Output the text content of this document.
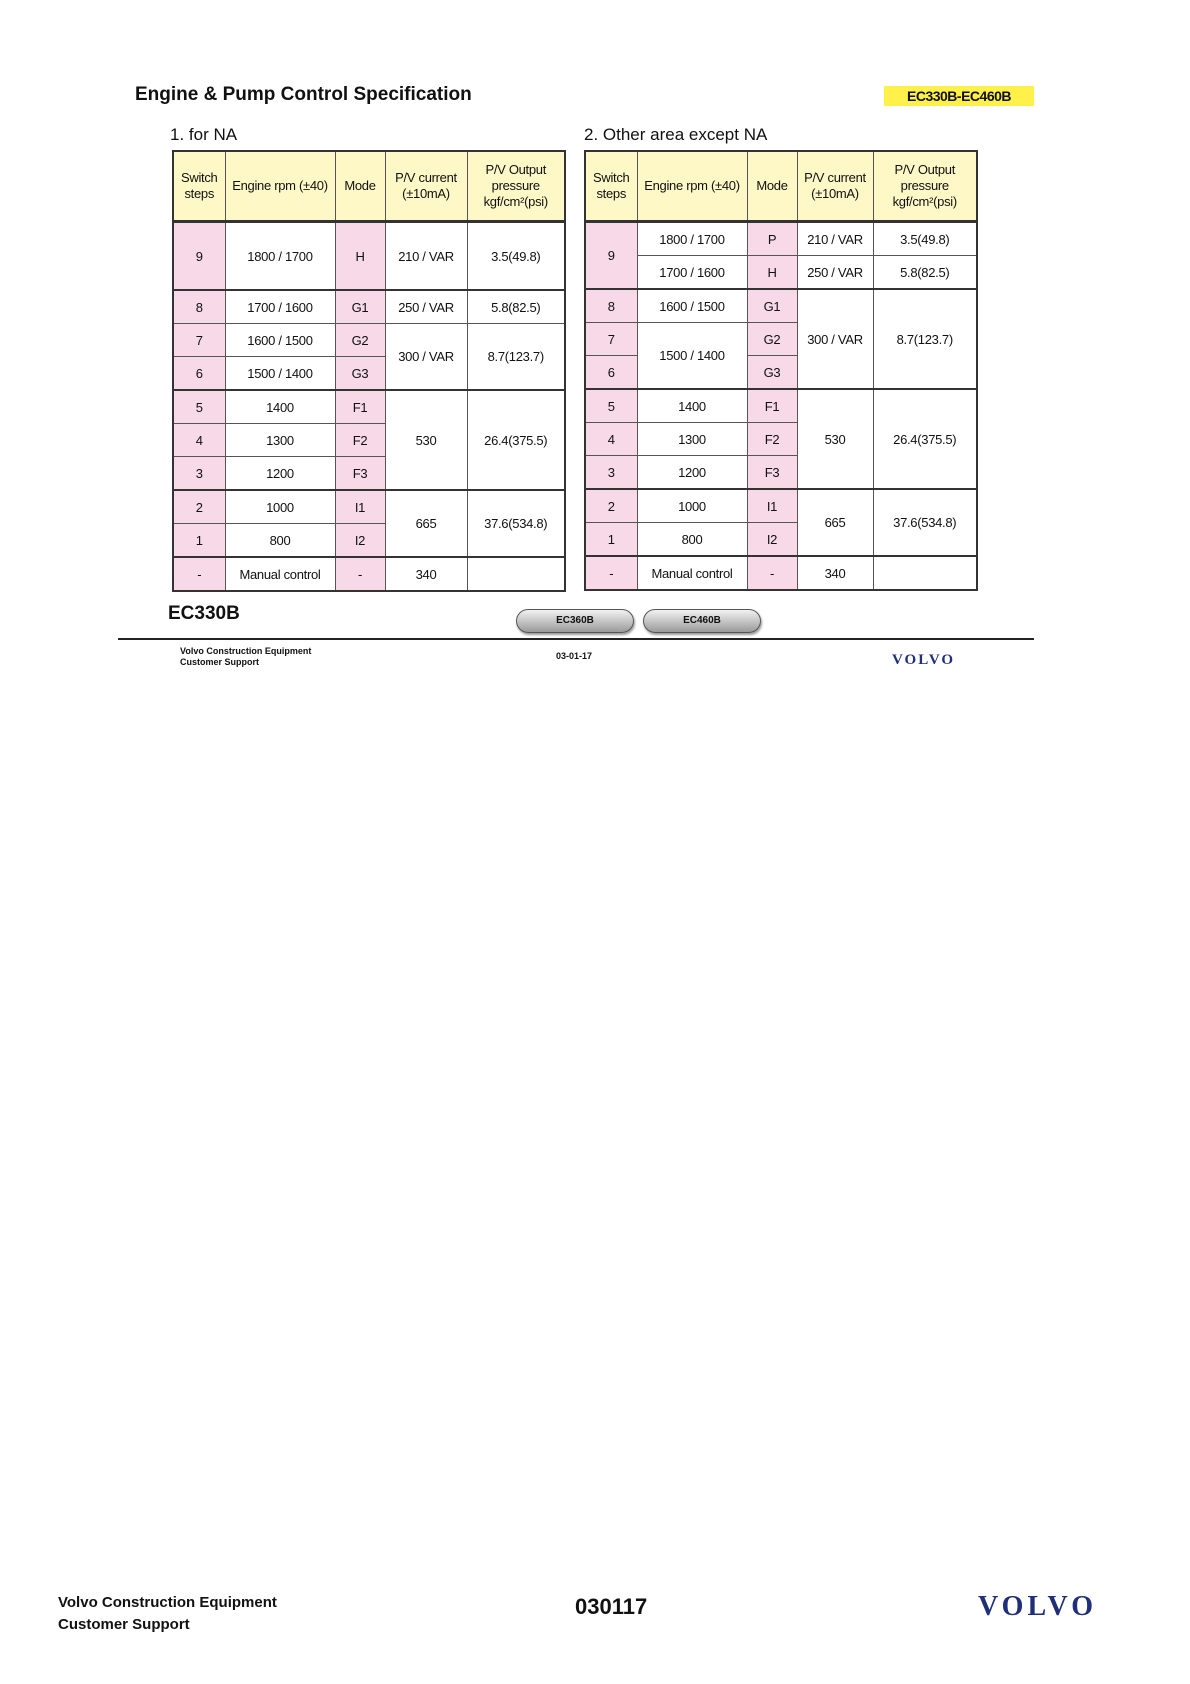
Engine & Pump Control Specification	EC330B-EC460B
1. for NA	2. Other area except NA
Switch steps	Engine rpm (±40)	Mode	P/V current (±10mA)	P/V Output pressure kgf/cm²(psi)
9	1800 / 1700	H	210 / VAR	3.5(49.8)
8	1700 / 1600	G1	250 / VAR	5.8(82.5)
7	1600 / 1500	G2	300 / VAR	8.7(123.7)
6	1500 / 1400	G3		
5	1400	F1	530	26.4(375.5)
4	1300	F2		
3	1200	F3		
2	1000	I1	665	37.6(534.8)
1	800	I2		
-	Manual control	-	340	
Switch steps	Engine rpm (±40)	Mode	P/V current (±10mA)	P/V Output pressure kgf/cm²(psi)
9	1800 / 1700	P	210 / VAR	3.5(49.8)
	1700 / 1600	H	250 / VAR	5.8(82.5)
8	1600 / 1500	G1	300 / VAR	8.7(123.7)
7	1500 / 1400	G2		
6		G3		
5	1400	F1	530	26.4(375.5)
4	1300	F2		
3	1200	F3		
2	1000	I1	665	37.6(534.8)
1	800	I2		
-	Manual control	-	340	
EC330B	EC360B	EC460B
Volvo Construction Equipment
Customer Support
03-01-17	VOLVO
Volvo Construction Equipment
Customer Support
030117	VOLVO
